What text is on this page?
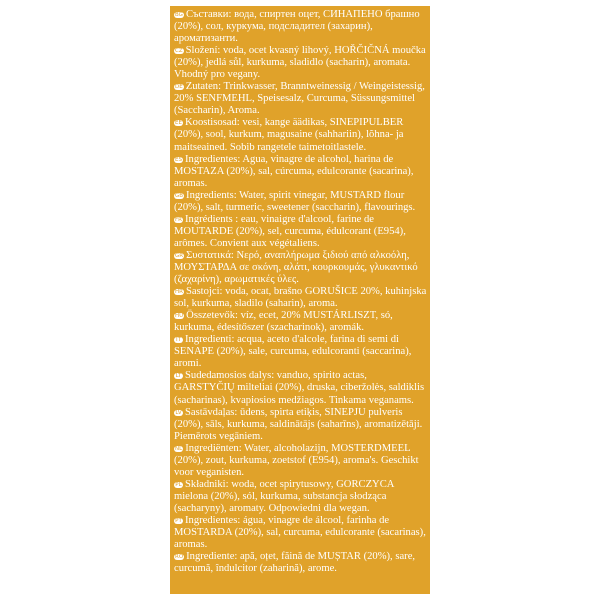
BG Съставки: вода, спиртен оцет, СИНАПЕНО брашно (20%), сол, куркума, подсладител (захарин), ароматизанти.

CZ Složení: voda, ocet kvasný lihový, HOŘČIČNÁ moučka (20%), jedlá sůl, kurkuma, sladidlo (sacharin), aromata. Vhodný pro vegany.

DE Zutaten: Trinkwasser, Branntweinessig / Weingeistessig, 20% SENFMEHL, Speisesalz, Curcuma, Süssungsmittel (Saccharin), Aroma.

EE Koostisosad: vesi, kange äädikas, SINEPIPULBER (20%), sool, kurkum, magusaine (sahhariin), lõhna- ja maitseained. Sobib rangetele taimetoitlastele.

ES Ingredientes: Agua, vinagre de alcohol, harina de MOSTAZA (20%), sal, cúrcuma, edulcorante (sacarina), aromas.

GB Ingredients: Water, spirit vinegar, MUSTARD flour (20%), salt, turmeric, sweetener (saccharin), flavourings.

FR Ingrédients : eau, vinaigre d'alcool, farine de MOUTARDE (20%), sel, curcuma, édulcorant (E954), arômes. Convient aux végétaliens.

GR Συστατικά: Νερό, αναπλήρωμα ξιδιού από αλκοόλη, ΜΟΥΣΤΑΡΔΑ σε σκόνη, αλάτι, κουρκουμάς, γλυκαντικό (ζαχαρίνη), αρωματικές ύλες.

HR Sastojci: voda, ocat, brašno GORUŠICE 20%, kuhinjska sol, kurkuma, sladilo (saharin), aroma.

HU Összetevők: víz, ecet, 20% MUSTÁRLISZT, só, kurkuma, édesítőszer (szacharinok), aromák.

IT Ingredienti: acqua, aceto d'alcole, farina di semi di SENAPE (20%), sale, curcuma, edulcoranti (saccarina), aromi.

LT Sudedamosios dalys: vanduo, spirito actas, GARSTYČIŲ milteliai (20%), druska, ciberžolės, saldiklis (sacharinas), kvapiosios medžiagos. Tinkama veganams.

LV Sastāvdaļas: ūdens, spirta etiķis, SINEPJU pulveris (20%), sāls, kurkuma, saldinātājs (saharīns), aromatizētāji. Piemērots vegāniem.

NL Ingrediënten: Water, alcoholazijn, MOSTERDMEEL (20%), zout, kurkuma, zoetstof (E954), aroma's. Geschikt voor veganisten.

PL Składniki: woda, ocet spirytusowy, GORCZYCA mielona (20%), sól, kurkuma, substancja słodząca (sacharyny), aromaty. Odpowiedni dla wegan.

PT Ingredientes: água, vinagre de álcool, farinha de MOSTARDA (20%), sal, curcuma, edulcorante (sacarinas), aromas.

RO Ingrediente: apă, oțet, făină de MUȘTAR (20%), sare, curcumă, îndulcitor (zaharină), arome.
